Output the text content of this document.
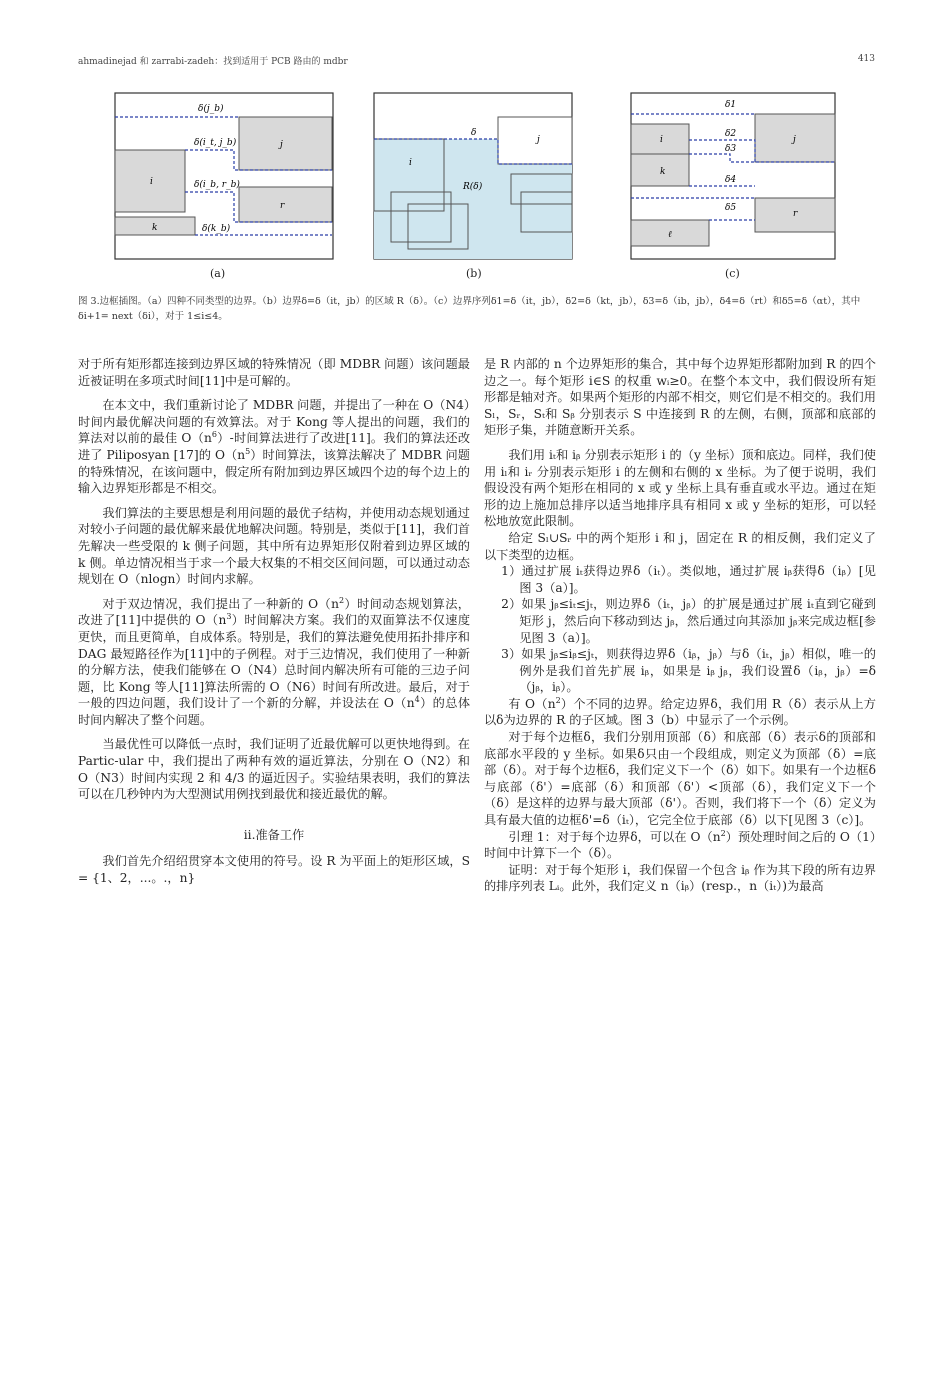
ahmadinejad 和 zarrabi-zadeh：找到适用于 PCB 路由的 mdbr	413
δ(j_b)
δ(i_t, j_b)
δ(i_b, r_b)
δ(k_b)
i
j
r
k
δ
j
i
R(δ)
δ1
δ2
δ3
δ4
δ5
i
k
j
r
ℓ
(a)	(b)	(c)
图 3.边框插图。（a）四种不同类型的边界。（b）边界δ=δ（it，jb）的区域 R（δ）。（c）边界序列δ1=δ（it，jb），δ2=δ（kt，jb），δ3=δ（ib，jb），δ4=δ（rt）和δ5=δ（αt），其中δi+1= next（δi），对于 1≤i≤4。

对于所有矩形都连接到边界区域的特殊情况（即 MDBR 问题）该问题最近被证明在多项式时间[11]中是可解的。

在本文中，我们重新讨论了 MDBR 问题，并提出了一种在 O（N4）时间内最优解决问题的有效算法。对于 Kong 等人提出的问题，我们的算法对以前的最佳 $O(n^6)-$时间算法进行了改进[11]。我们的算法还改进了 Piliposyan [17]的 $O(n^5)$时间算法，该算法解决了 MDBR 问题的特殊情况，在该问题中，假定所有附加到边界区域四个边的每个边上的输入边界矩形都是不相交。

我们算法的主要思想是利用问题的最优子结构，并使用动态规划通过对较小子问题的最优解来最优地解决问题。特别是，类似于[11]，我们首先解决一些受限的 k 侧子问题，其中所有边界矩形仅附着到边界区域的 k 侧。单边情况相当于求一个最大权集的不相交区间问题，可以通过动态规划在 O（nlogn）时间内求解。

对于双边情况，我们提出了一种新的 $O(n^2)$时间动态规划算法，改进了[11]中提供的 $O(n^3)$时间解决方案。我们的双面算法不仅速度更快，而且更简单，自成体系。特别是，我们的算法避免使用拓扑排序和 DAG 最短路径作为[11]中的子例程。对于三边情况，我们使用了一种新的分解方法，使我们能够在 O（N4）总时间内解决所有可能的三边子问题，比 Kong 等人[11]算法所需的 O（N6）时间有所改进。最后，对于一般的四边问题，我们设计了一个新的分解，并设法在 $O(n^4)$的总体时间内解决了整个问题。

当最优性可以降低一点时，我们证明了近最优解可以更快地得到。在 Partic-ular 中，我们提出了两种有效的逼近算法，分别在 O（N2）和 O（N3）时间内实现 2 和 4/3 的逼近因子。实验结果表明，我们的算法可以在几秒钟内为大型测试用例找到最优和接近最优的解。

ii.准备工作

我们首先介绍绍贯穿本文使用的符号。设 R 为平面上的矩形区域，S = {1、2，...。.，n}

是 R 内部的 n 个边界矩形的集合，其中每个边界矩形都附加到 R 的四个边之一。每个矩形 i∈S 的权重 wᵢ≥0。在整个本文中，我们假设所有矩形都是轴对齐。如果两个矩形的内部不相交，则它们是不相交的。我们用 Sₗ，Sᵣ，Sₜ和 Sᵦ 分别表示 S 中连接到 R 的左侧，右侧，顶部和底部的矩形子集，并随意断开关系。

我们用 iₜ和 iᵦ 分别表示矩形 i 的（y 坐标）顶和底边。同样，我们使用 iₗ和 iᵣ 分别表示矩形 i 的左侧和右侧的 x 坐标。为了便于说明，我们假设没有两个矩形在相同的 x 或 y 坐标上具有垂直或水平边。通过在矩形的边上施加总排序以适当地排序具有相同 x 或 y 坐标的矩形，可以轻松地放宽此限制。

给定 Sₗ∪Sᵣ 中的两个矩形 i 和 j，固定在 R 的相反侧，我们定义了以下类型的边框。

1）通过扩展 iₜ获得边界δ（iₜ）。类似地，通过扩展 iᵦ获得δ（iᵦ）[见图 3（a）]。

2）如果 jᵦ≤iₜ≤jₜ，则边界δ（iₜ，jᵦ）的扩展是通过扩展 iₜ直到它碰到矩形 j，然后向下移动到达 jᵦ，然后通过向其添加 jᵦ来完成边框[参见图 3（a）]。

3）如果 jᵦ≤iᵦ≤jₜ，则获得边界δ（iᵦ，jᵦ）与δ（iₜ，jᵦ）相似，唯一的例外是我们首先扩展 iᵦ，如果是 iᵦ jᵦ，我们设置δ（iᵦ，jᵦ）=δ（jᵦ，iᵦ）。

有 $O(n^2)$个不同的边界。给定边界δ，我们用 R（δ）表示从上方以δ为边界的 R 的子区域。图 3（b）中显示了一个示例。

对于每个边框δ，我们分别用顶部（δ）和底部（δ）表示δ的顶部和底部水平段的 y 坐标。如果δ只由一个段组成，则定义为顶部（δ）=底部（δ）。对于每个边框δ，我们定义下一个（δ）如下。如果有一个边框δ与底部（δ'）=底部（δ）和顶部（δ'）<顶部（δ），我们定义下一个（δ）是这样的边界与最大顶部（δ'）。否则，我们将下一个（δ）定义为具有最大值的边框δ'=δ（iₜ），它完全位于底部（δ）以下[见图 3（c）]。

引理 1：对于每个边界δ，可以在 $O(n^2)$预处理时间之后的 O（1）时间中计算下一个（δ）。

证明：对于每个矩形 i，我们保留一个包含 iᵦ 作为其下段的所有边界的排序列表 Lᵢ。此外，我们定义 n（iᵦ）(resp.，n（iₜ）)为最高
